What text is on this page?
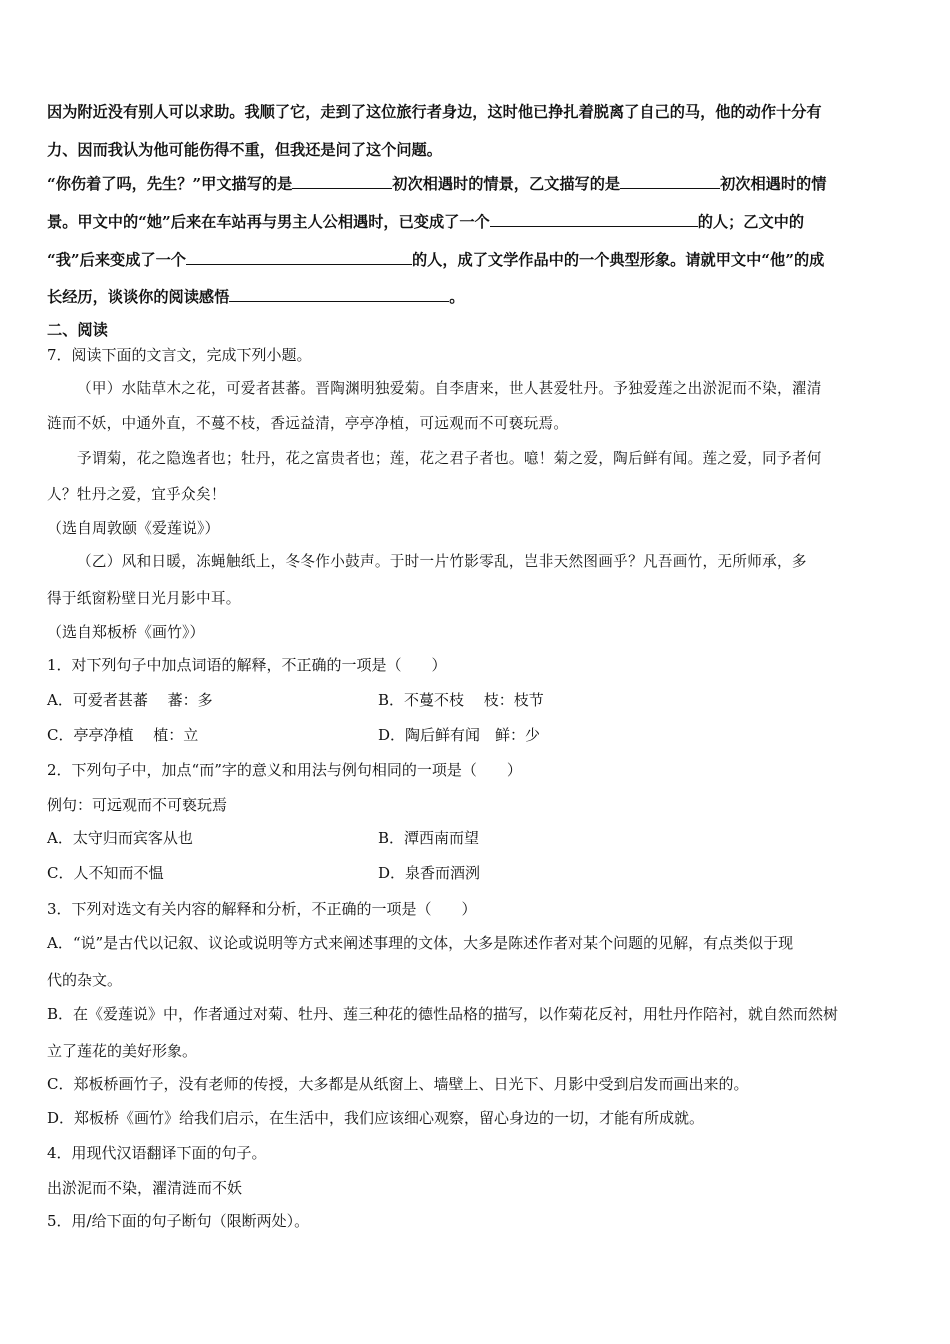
因为附近没有别人可以求助。我顺了它，走到了这位旅行者身边，这时他已挣扎着脱离了自己的马，他的动作十分有
力、因而我认为他可能伤得不重，但我还是问了这个问题。
“你伤着了吗，先生？”甲文描写的是	初次相遇时的情景，乙文描写的是	初次相遇时的情
景。甲文中的“她”后来在车站再与男主人公相遇时，已变成了一个	的人；乙文中的
“我”后来变成了一个	的人，成了文学作品中的一个典型形象。请就甲文中“他”的成
长经历，谈谈你的阅读感悟	。
二、阅读
7．阅读下面的文言文，完成下列小题。
（甲）水陆草木之花，可爱者甚蕃。晋陶渊明独爱菊。自李唐来，世人甚爱牡丹。予独爱莲之出淤泥而不染，濯清
涟而不妖，中通外直，不蔓不枝，香远益清，亭亭净植，可远观而不可亵玩焉。
予谓菊，花之隐逸者也；牡丹，花之富贵者也；莲，花之君子者也。噫！菊之爱，陶后鲜有闻。莲之爱，同予者何
人？牡丹之爱，宜乎众矣！
（选自周敦颐《爱莲说》）
（乙）风和日暖，冻蝇触纸上，冬冬作小鼓声。于时一片竹影零乱，岂非天然图画乎？凡吾画竹，无所师承，多
得于纸窗粉壁日光月影中耳。
（选自郑板桥《画竹》）
1．对下列句子中加点词语的解释，不正确的一项是（　　）
A．可爱者甚蕃　 蕃：多	B．不蔓不枝　 枝：枝节
C．亭亭净植　 植：立	D．陶后鲜有闻　鲜：少
2．下列句子中，加点“而”字的意义和用法与例句相同的一项是（　　）
例句：可远观而不可亵玩焉
A．太守归而宾客从也	B．潭西南而望
C．人不知而不愠	D．泉香而酒洌
3．下列对选文有关内容的解释和分析，不正确的一项是（　　）
A．“说”是古代以记叙、议论或说明等方式来阐述事理的文体，大多是陈述作者对某个问题的见解，有点类似于现
代的杂文。
B．在《爱莲说》中，作者通过对菊、牡丹、莲三种花的德性品格的描写，以作菊花反衬，用牡丹作陪衬，就自然而然树
立了莲花的美好形象。
C．郑板桥画竹子，没有老师的传授，大多都是从纸窗上、墙壁上、日光下、月影中受到启发而画出来的。
D．郑板桥《画竹》给我们启示，在生活中，我们应该细心观察，留心身边的一切，才能有所成就。
4．用现代汉语翻译下面的句子。
出淤泥而不染，濯清涟而不妖
5．用/给下面的句子断句（限断两处）。
